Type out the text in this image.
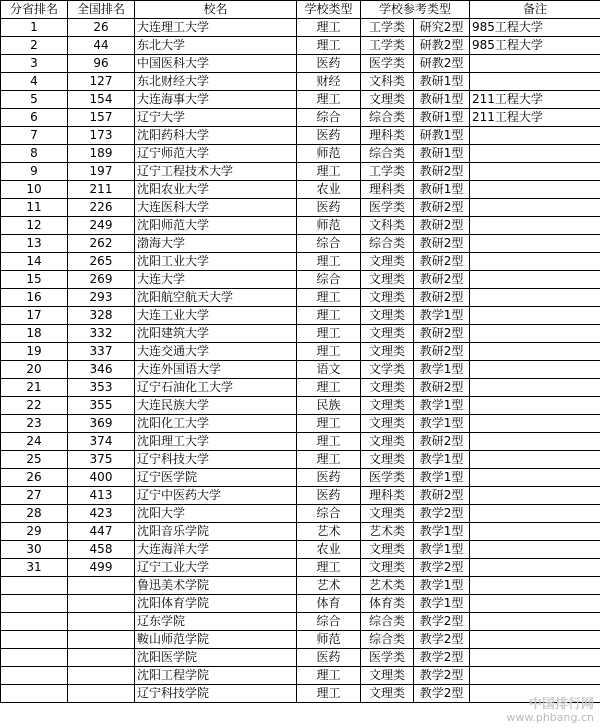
分省排名	全国排名	校名	学校类型	学校参考类型		备注
1	26	大连理工大学	理工	工学类	研究2型	985工程大学
2	44	东北大学	理工	工学类	研教2型	985工程大学
3	96	中国医科大学	医药	医学类	研教2型	
4	127	东北财经大学	财经	文科类	教研1型	
5	154	大连海事大学	理工	文理类	教研1型	211工程大学
6	157	辽宁大学	综合	综合类	教研1型	211工程大学
7	173	沈阳药科大学	医药	理科类	研教1型	
8	189	辽宁师范大学	师范	综合类	教研1型	
9	197	辽宁工程技术大学	理工	工学类	教研2型	
10	211	沈阳农业大学	农业	理科类	教研1型	
11	226	大连医科大学	医药	医学类	教研2型	
12	249	沈阳师范大学	师范	文科类	教研2型	
13	262	渤海大学	综合	综合类	教研2型	
14	265	沈阳工业大学	理工	文理类	教研2型	
15	269	大连大学	综合	文理类	教研2型	
16	293	沈阳航空航天大学	理工	文理类	教研2型	
17	328	大连工业大学	理工	文理类	教学1型	
18	332	沈阳建筑大学	理工	文理类	教研2型	
19	337	大连交通大学	理工	文理类	教研2型	
20	346	大连外国语大学	语文	文学类	教学1型	
21	353	辽宁石油化工大学	理工	文理类	教研2型	
22	355	大连民族大学	民族	文理类	教学1型	
23	369	沈阳化工大学	理工	文理类	教学1型	
24	374	沈阳理工大学	理工	文理类	教研2型	
25	375	辽宁科技大学	理工	文理类	教学1型	
26	400	辽宁医学院	医药	医学类	教学1型	
27	413	辽宁中医药大学	医药	理科类	教研2型	
28	423	沈阳大学	综合	文理类	教学2型	
29	447	沈阳音乐学院	艺术	艺术类	教学1型	
30	458	大连海洋大学	农业	文理类	教学1型	
31	499	辽宁工业大学	理工	文理类	教学2型	
		鲁迅美术学院	艺术	艺术类	教学1型	
		沈阳体育学院	体育	体育类	教学1型	
		辽东学院	综合	综合类	教学2型	
		鞍山师范学院	师范	综合类	教学2型	
		沈阳医学院	医药	医学类	教学2型	
		沈阳工程学院	理工	文理类	教学2型	
		辽宁科技学院	理工	文理类	教学2型	
中国排行网
www.phbang.cn
